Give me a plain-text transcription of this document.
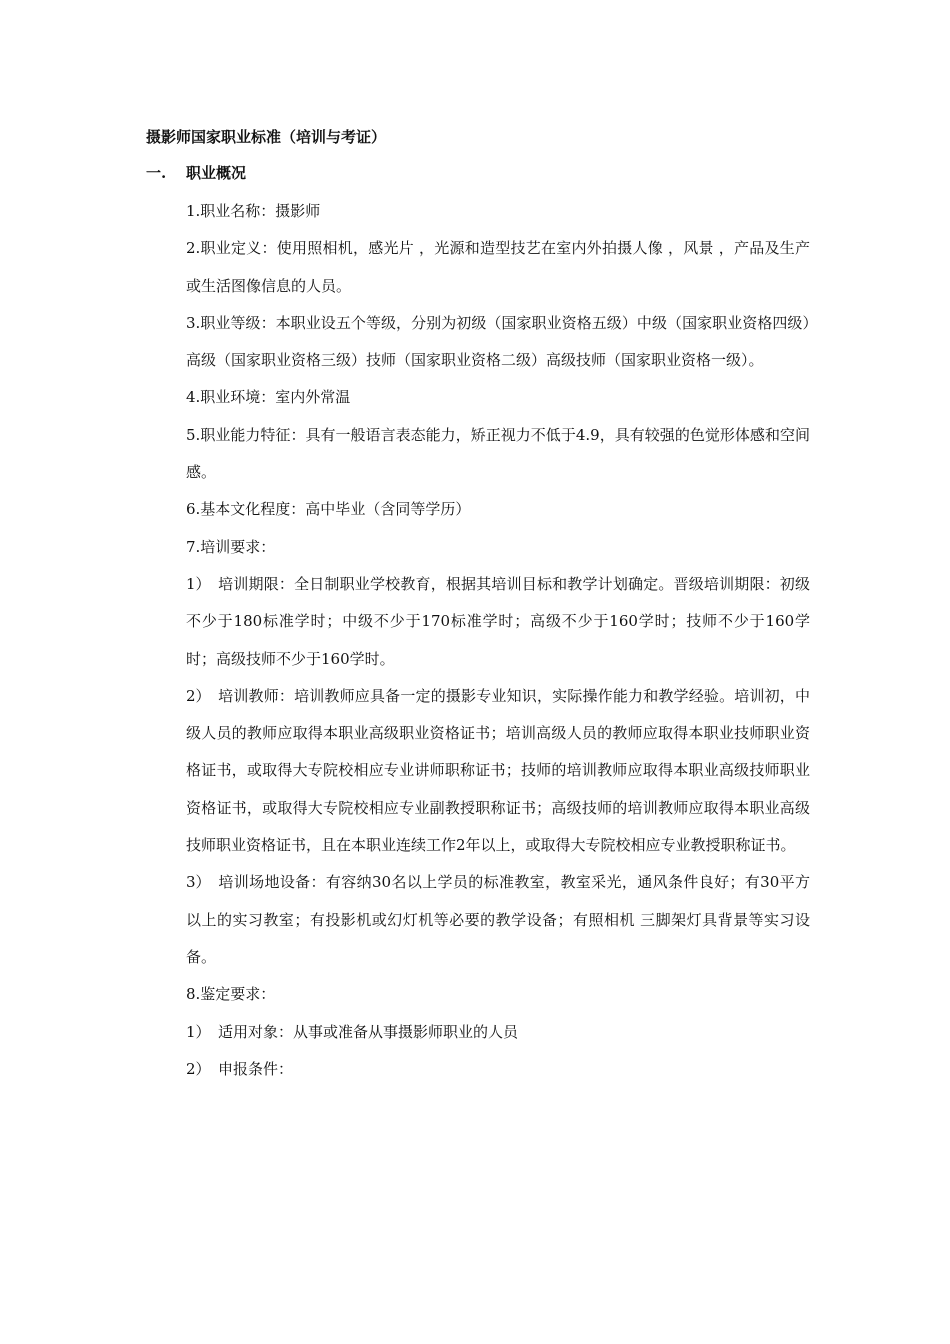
摄影师国家职业标准（培训与考证）
一. 职业概况

1.职业名称：摄影师

2.职业定义：使用照相机，感光片 ，光源和造型技艺在室内外拍摄人像 ，风景 ，产品及生产或生活图像信息的人员。

3.职业等级：本职业设五个等级，分别为初级（国家职业资格五级）中级（国家职业资格四级）高级（国家职业资格三级）技师（国家职业资格二级）高级技师（国家职业资格一级）。

4.职业环境：室内外常温

5.职业能力特征：具有一般语言表态能力，矫正视力不低于4.9，具有较强的色觉形体感和空间感。

6.基本文化程度：高中毕业（含同等学历）

7.培训要求：

1） 培训期限：全日制职业学校教育，根据其培训目标和教学计划确定。晋级培训期限：初级不少于180标准学时；中级不少于170标准学时；高级不少于160学时；技师不少于160学时；高级技师不少于160学时。

2） 培训教师：培训教师应具备一定的摄影专业知识，实际操作能力和教学经验。培训初，中级人员的教师应取得本职业高级职业资格证书；培训高级人员的教师应取得本职业技师职业资格证书，或取得大专院校相应专业讲师职称证书；技师的培训教师应取得本职业高级技师职业资格证书，或取得大专院校相应专业副教授职称证书；高级技师的培训教师应取得本职业高级技师职业资格证书，且在本职业连续工作2年以上，或取得大专院校相应专业教授职称证书。

3） 培训场地设备：有容纳30名以上学员的标准教室，教室采光，通风条件良好；有30平方以上的实习教室；有投影机或幻灯机等必要的教学设备；有照相机 三脚架灯具背景等实习设备。

8.鉴定要求：

1） 适用对象：从事或准备从事摄影师职业的人员

2） 申报条件：
